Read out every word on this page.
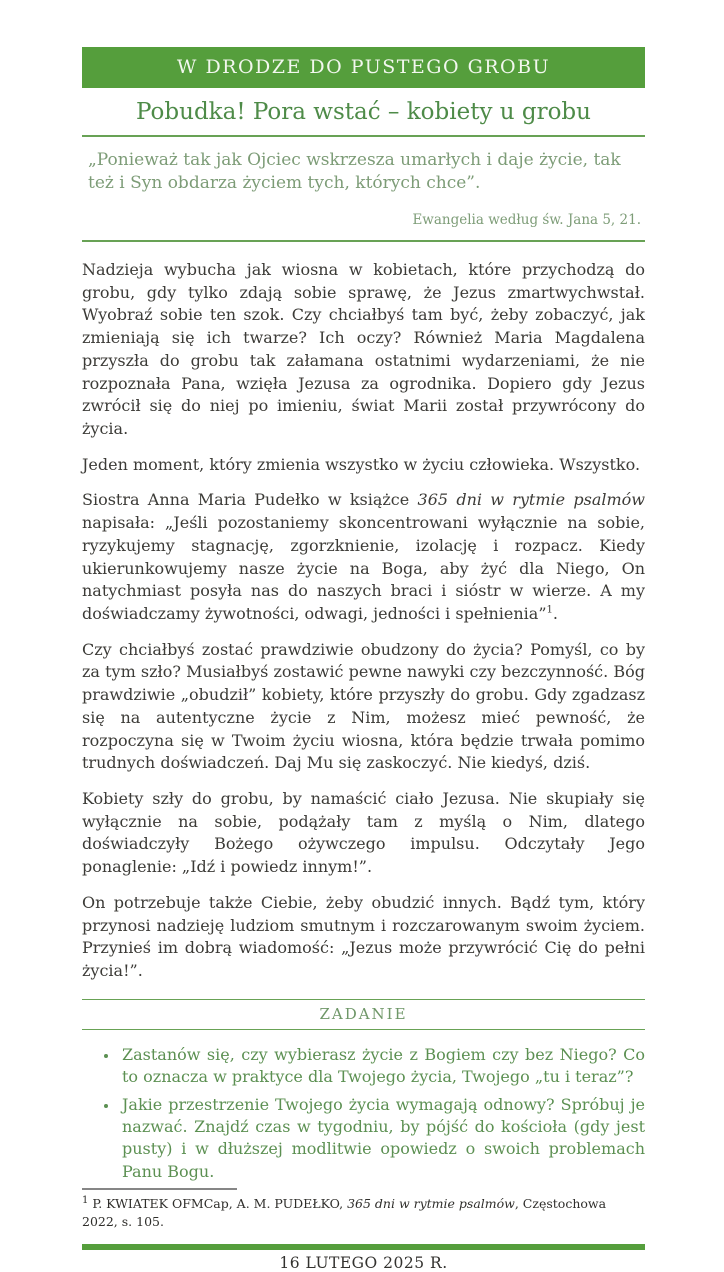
W DRODZE DO PUSTEGO GROBU
Pobudka! Pora wstać – kobiety u grobu

„Ponieważ tak jak Ojciec wskrzesza umarłych i daje życie, tak też i Syn obdarza życiem tych, których chce”.

Ewangelia według św. Jana 5, 21.

Nadzieja wybucha jak wiosna w kobietach, które przychodzą do grobu, gdy tylko zdają sobie sprawę, że Jezus zmartwychwstał. Wyobraź sobie ten szok. Czy chciałbyś tam być, żeby zobaczyć, jak zmieniają się ich twarze? Ich oczy? Również Maria Magdalena przyszła do grobu tak załamana ostatnimi wydarzeniami, że nie rozpoznała Pana, wzięła Jezusa za ogrodnika. Dopiero gdy Jezus zwrócił się do niej po imieniu, świat Marii został przywrócony do życia.

Jeden moment, który zmienia wszystko w życiu człowieka. Wszystko.

Siostra Anna Maria Pudełko w książce 365 dni w rytmie psalmów napisała: „Jeśli pozostaniemy skoncentrowani wyłącznie na sobie, ryzykujemy stagnację, zgorzknienie, izolację i rozpacz. Kiedy ukierunkowujemy nasze życie na Boga, aby żyć dla Niego, On natychmiast posyła nas do naszych braci i sióstr w wierze. A my doświadczamy żywotności, odwagi, jedności i spełnienia”$^1$.

Czy chciałbyś zostać prawdziwie obudzony do życia? Pomyśl, co by za tym szło? Musiałbyś zostawić pewne nawyki czy bezczynność. Bóg prawdziwie „obudził” kobiety, które przyszły do grobu. Gdy zgadzasz się na autentyczne życie z Nim, możesz mieć pewność, że rozpoczyna się w Twoim życiu wiosna, która będzie trwała pomimo trudnych doświadczeń. Daj Mu się zaskoczyć. Nie kiedyś, dziś.

Kobiety szły do grobu, by namaścić ciało Jezusa. Nie skupiały się wyłącznie na sobie, podążały tam z myślą o Nim, dlatego doświadczyły Bożego ożywczego impulsu. Odczytały Jego ponaglenie: „Idź i powiedz innym!”.

On potrzebuje także Ciebie, żeby obudzić innych. Bądź tym, który przynosi nadzieję ludziom smutnym i rozczarowanym swoim życiem. Przynieś im dobrą wiadomość: „Jezus może przywrócić Cię do pełni życia!”.

ZADANIE
• Zastanów się, czy wybierasz życie z Bogiem czy bez Niego? Co to oznacza w praktyce dla Twojego życia, Twojego „tu i teraz”?
• Jakie przestrzenie Twojego życia wymagają odnowy? Spróbuj je nazwać. Znajdź czas w tygodniu, by pójść do kościoła (gdy jest pusty) i w dłuższej modlitwie opowiedz o swoich problemach Panu Bogu.

$^1$ P. KWIATEK OFMCap, A. M. PUDEŁKO, 365 dni w rytmie psalmów, Częstochowa 2022, s. 105.

16 LUTEGO 2025 R.
